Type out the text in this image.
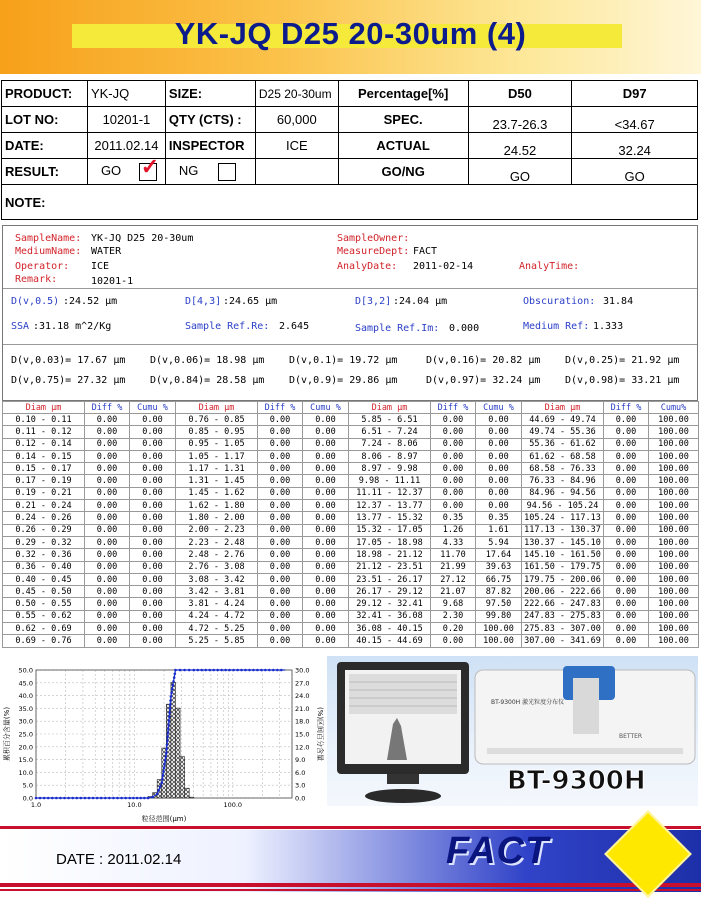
YK-JQ D25 20-30um (4)
PRODUCT:	YK-JQ	SIZE:	D25 20-30um	Percentage[%]	D50	D97
LOT NO:	10201-1	QTY (CTS) :	60,000	SPEC.	23.7-26.3	<34.67
DATE:	2011.02.14	INSPECTOR	ICE	ACTUAL	24.52	32.24
RESULT:	GO ✓	NG		GO/NG	GO	GO
NOTE:						
SampleName: YK-JQ D25 20-30um
MediumName: WATER
Operator: ICE
Remark:	10201-1
SampleOwner:
MeasureDept: FACT
AnalyDate: 2011-02-14	AnalyTime:
D(v,0.5) :24.52 μm	D[4,3] :24.65 μm	D[3,2] :24.04 μm	Obscuration: 31.84
SSA :31.18 m^2/Kg	Sample Ref.Re: 2.645	Sample Ref.Im: 0.000	Medium Ref: 1.333
D(v,0.03)= 17.67 μm D(v,0.06)= 18.98 μm D(v,0.1)= 19.72 μm	D(v,0.16)= 20.82 μm D(v,0.25)= 21.92 μm
D(v,0.75)= 27.32 μm D(v,0.84)= 28.58 μm D(v,0.9)= 29.86 μm	D(v,0.97)= 32.24 μm D(v,0.98)= 33.21 μm
Diam μm	Diff %	Cumu %	Diam μm	Diff %	Cumu %	Diam μm	Diff %	Cumu %	Diam μm	Diff %	Cumu%
0.10 - 0.11	0.00	0.00	0.76 - 0.85	0.00	0.00	5.85 - 6.51	0.00	0.00	44.69 - 49.74	0.00	100.00
0.11 - 0.12	0.00	0.00	0.85 - 0.95	0.00	0.00	6.51 - 7.24	0.00	0.00	49.74 - 55.36	0.00	100.00
0.12 - 0.14	0.00	0.00	0.95 - 1.05	0.00	0.00	7.24 - 8.06	0.00	0.00	55.36 - 61.62	0.00	100.00
0.14 - 0.15	0.00	0.00	1.05 - 1.17	0.00	0.00	8.06 - 8.97	0.00	0.00	61.62 - 68.58	0.00	100.00
0.15 - 0.17	0.00	0.00	1.17 - 1.31	0.00	0.00	8.97 - 9.98	0.00	0.00	68.58 - 76.33	0.00	100.00
0.17 - 0.19	0.00	0.00	1.31 - 1.45	0.00	0.00	9.98 - 11.11	0.00	0.00	76.33 - 84.96	0.00	100.00
0.19 - 0.21	0.00	0.00	1.45 - 1.62	0.00	0.00	11.11 - 12.37	0.00	0.00	84.96 - 94.56	0.00	100.00
0.21 - 0.24	0.00	0.00	1.62 - 1.80	0.00	0.00	12.37 - 13.77	0.00	0.00	94.56 - 105.24	0.00	100.00
0.24 - 0.26	0.00	0.00	1.80 - 2.00	0.00	0.00	13.77 - 15.32	0.35	0.35	105.24 - 117.13	0.00	100.00
0.26 - 0.29	0.00	0.00	2.00 - 2.23	0.00	0.00	15.32 - 17.05	1.26	1.61	117.13 - 130.37	0.00	100.00
0.29 - 0.32	0.00	0.00	2.23 - 2.48	0.00	0.00	17.05 - 18.98	4.33	5.94	130.37 - 145.10	0.00	100.00
0.32 - 0.36	0.00	0.00	2.48 - 2.76	0.00	0.00	18.98 - 21.12	11.70	17.64	145.10 - 161.50	0.00	100.00
0.36 - 0.40	0.00	0.00	2.76 - 3.08	0.00	0.00	21.12 - 23.51	21.99	39.63	161.50 - 179.75	0.00	100.00
0.40 - 0.45	0.00	0.00	3.08 - 3.42	0.00	0.00	23.51 - 26.17	27.12	66.75	179.75 - 200.06	0.00	100.00
0.45 - 0.50	0.00	0.00	3.42 - 3.81	0.00	0.00	26.17 - 29.12	21.07	87.82	200.06 - 222.66	0.00	100.00
0.50 - 0.55	0.00	0.00	3.81 - 4.24	0.00	0.00	29.12 - 32.41	9.68	97.50	222.66 - 247.83	0.00	100.00
0.55 - 0.62	0.00	0.00	4.24 - 4.72	0.00	0.00	32.41 - 36.08	2.30	99.80	247.83 - 275.83	0.00	100.00
0.62 - 0.69	0.00	0.00	4.72 - 5.25	0.00	0.00	36.08 - 40.15	0.20	100.00	275.83 - 307.00	0.00	100.00
0.69 - 0.76	0.00	0.00	5.25 - 5.85	0.00	0.00	40.15 - 44.69	0.00	100.00	307.00 - 341.69	0.00	100.00
0.0
5.0
10.0
15.0
20.0
25.0
30.0
35.0
40.0
45.0
50.0
0.0
3.0
6.0
9.0
12.0
15.0
18.0
21.0
24.0
27.0
30.0
1.0	10.0	100.0
粒径范围(μm)
累积百分含量(%)	(%)区间百分含量
BT-9300H 激光粒度分布仪
BETTER
BT-9300H
DATE : 2011.02.14	FACT
